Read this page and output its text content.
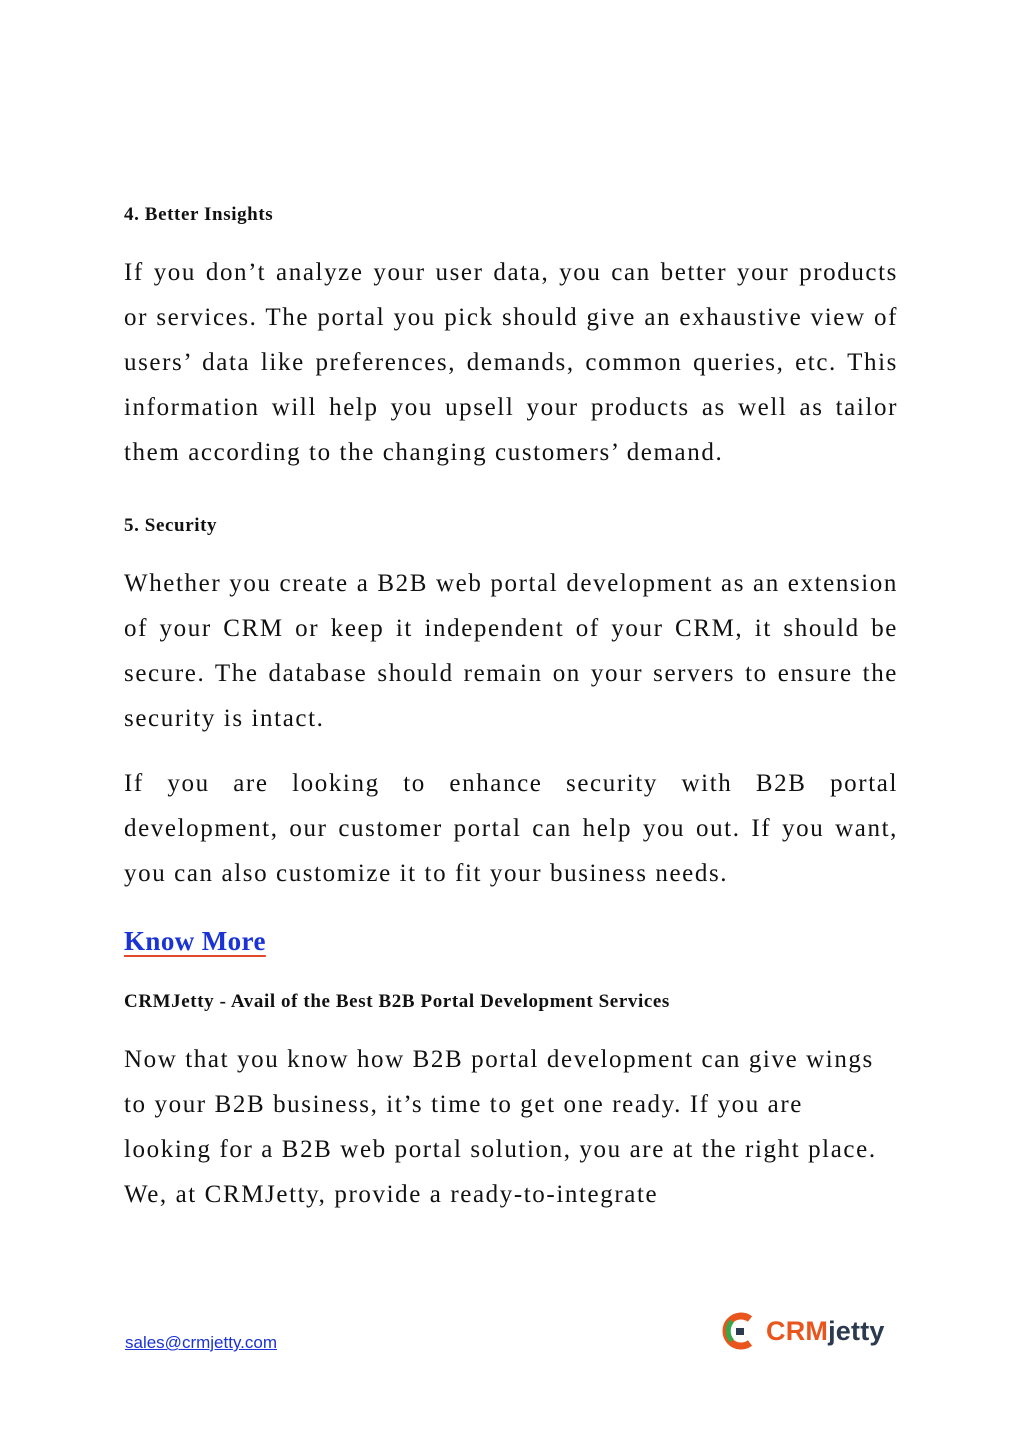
4. Better Insights

If you don’t analyze your user data, you can better your products or services. The portal you pick should give an exhaustive view of users’ data like preferences, demands, common queries, etc. This information will help you upsell your products as well as tailor them according to the changing customers’ demand.

5. Security

Whether you create a B2B web portal development as an extension of your CRM or keep it independent of your CRM, it should be secure. The database should remain on your servers to ensure the security is intact.

If you are looking to enhance security with B2B portal development, our customer portal can help you out. If you want, you can also customize it to fit your business needs.

Know More

CRMJetty - Avail of the Best B2B Portal Development Services

Now that you know how B2B portal development can give wings to your B2B business, it’s time to get one ready. If you are looking for a B2B web portal solution, you are at the right place. We, at CRMJetty, provide a ready-to-integrate

sales@crmjetty.com	CRMjetty
